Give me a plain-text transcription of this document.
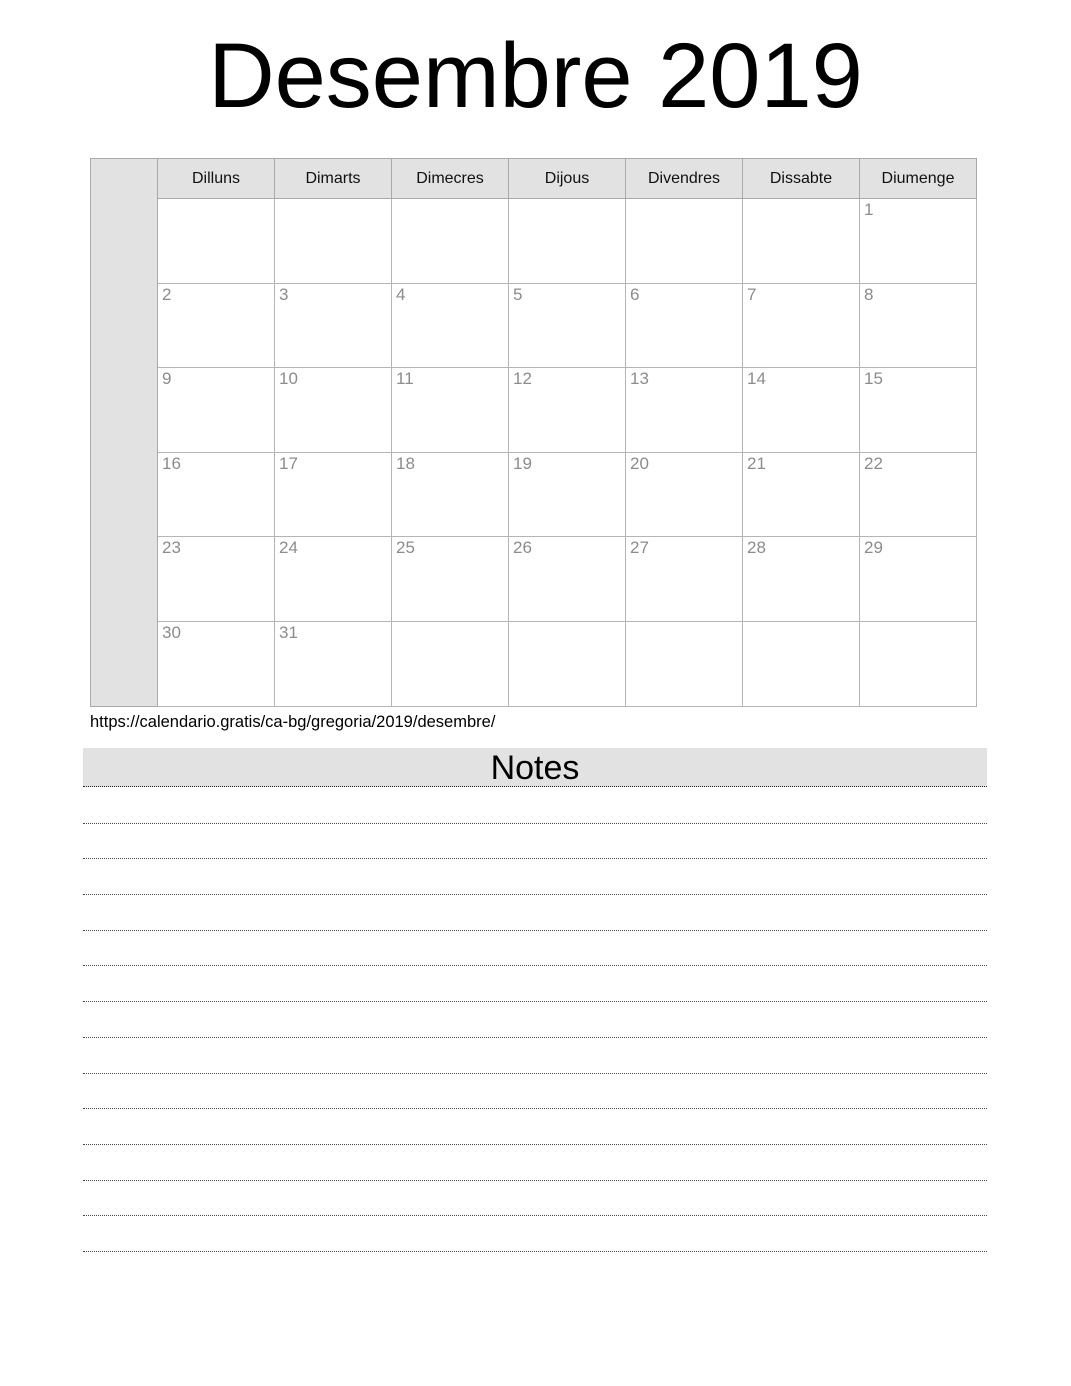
Desembre 2019
	Dilluns	Dimarts	Dimecres	Dijous	Divendres	Dissabte	Diumenge
							1
	2	3	4	5	6	7	8
	9	10	11	12	13	14	15
	16	17	18	19	20	21	22
	23	24	25	26	27	28	29
	30	31					
https://calendario.gratis/ca-bg/gregoria/2019/desembre/
Notes
